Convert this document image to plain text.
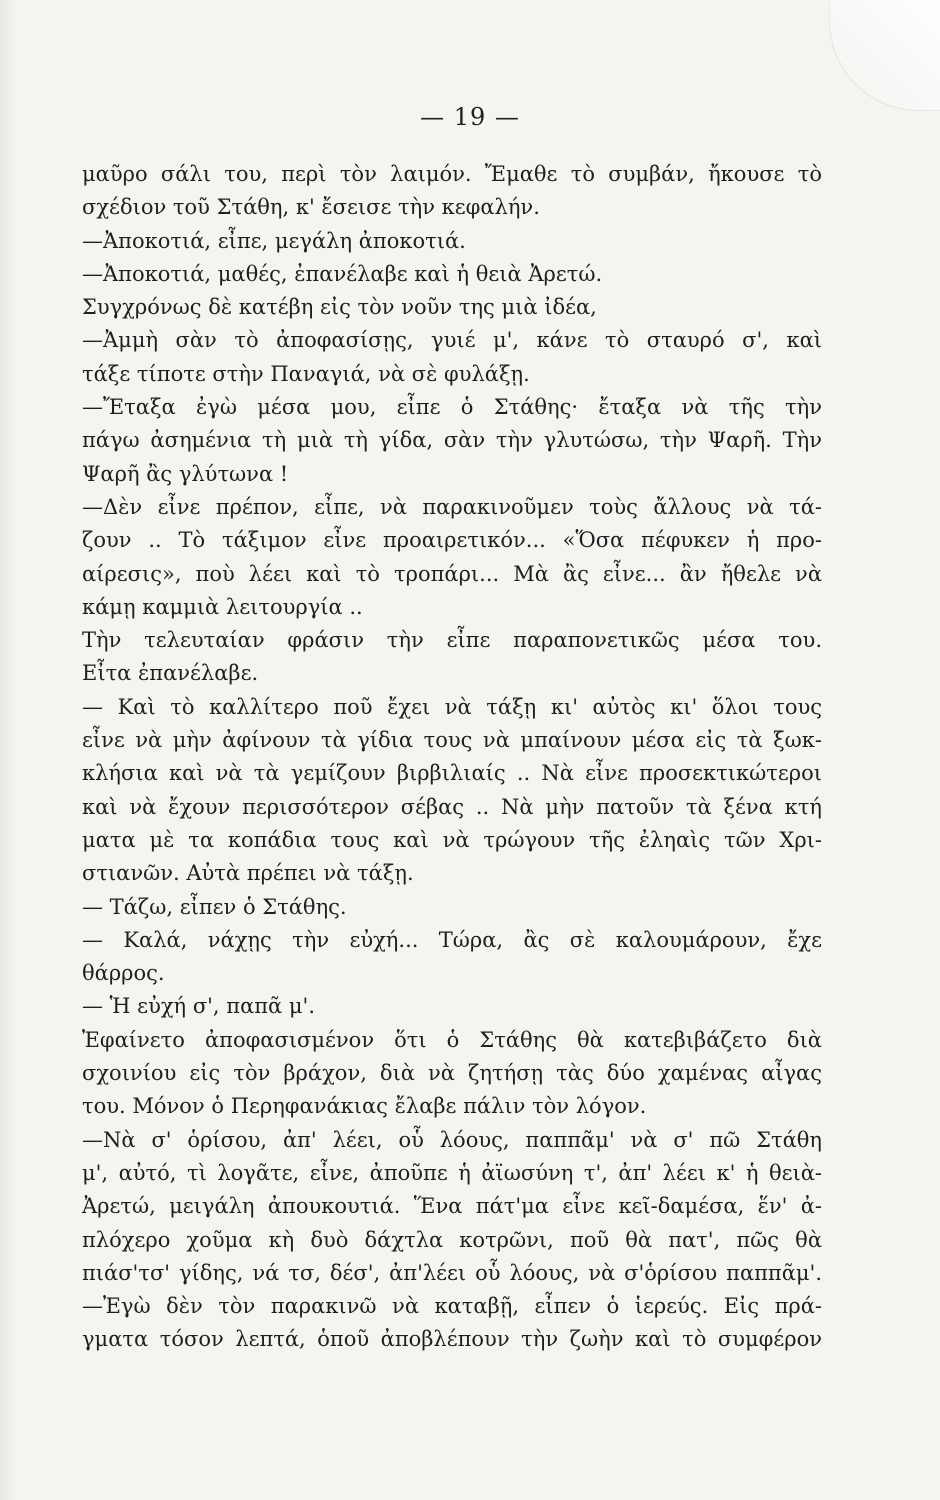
— 19 —
μαῦρο σάλι του, περὶ τὸν λαιμόν. Ἔμαθε τὸ συμβάν, ἤκουσε τὸ
σχέδιον τοῦ Στάθη, κ' ἔσεισε τὴν κεφαλήν.
—Ἀποκοτιά, εἶπε, μεγάλη ἀποκοτιά.
—Ἀποκοτιά, μαθές, ἐπανέλαβε καὶ ἡ θειὰ Ἀρετώ.
Συγχρόνως δὲ κατέβη εἰς τὸν νοῦν της μιὰ ἰδέα,
—Ἀμμὴ σὰν τὸ ἀποφασίσῃς, γυιέ μ', κάνε τὸ σταυρό σ', καὶ
τάξε τίποτε στὴν Παναγιά, νὰ σὲ φυλάξῃ.
—Ἔταξα ἐγὼ μέσα μου, εἶπε ὁ Στάθης· ἔταξα νὰ τῆς τὴν
πάγω ἀσημένια τὴ μιὰ τὴ γίδα, σὰν τὴν γλυτώσω, τὴν Ψαρῆ. Τὴν
Ψαρῆ ἂς γλύτωνα !
—Δὲν εἶνε πρέπον, εἶπε, νὰ παρακινοῦμεν τοὺς ἄλλους νὰ τά-
ζουν .. Τὸ τάξιμον εἶνε προαιρετικόν... «Ὅσα πέφυκεν ἡ προ-
αίρεσις», ποὺ λέει καὶ τὸ τροπάρι... Μὰ ἂς εἶνε... ἂν ἤθελε νὰ
κάμῃ καμμιὰ λειτουργία ..
Τὴν τελευταίαν φράσιν τὴν εἶπε παραπονετικῶς μέσα του.
Εἶτα ἐπανέλαβε.
— Καὶ τὸ καλλίτερο ποῦ ἔχει νὰ τάξῃ κι' αὐτὸς κι' ὅλοι τους
εἶνε νὰ μὴν ἀφίνουν τὰ γίδια τους νὰ μπαίνουν μέσα εἰς τὰ ξωκ-
κλήσια καὶ νὰ τὰ γεμίζουν βιρβιλιαίς .. Νὰ εἶνε προσεκτικώτεροι
καὶ νὰ ἔχουν περισσότερον σέβας .. Νὰ μὴν πατοῦν τὰ ξένα κτή
ματα μὲ τα κοπάδια τους καὶ νὰ τρώγουν τῆς ἐληαὶς τῶν Χρι-
στιανῶν. Αὐτὰ πρέπει νὰ τάξῃ.
— Τάζω, εἶπεν ὁ Στάθης.
— Καλά, νάχῃς τὴν εὐχή... Τώρα, ἂς σὲ καλουμάρουν, ἔχε
θάρρος.
— Ἡ εὐχή σ', παπᾶ μ'.
Ἐφαίνετο ἀποφασισμένον ὅτι ὁ Στάθης θὰ κατεβιβάζετο διὰ
σχοινίου εἰς τὸν βράχον, διὰ νὰ ζητήσῃ τὰς δύο χαμένας αἶγας
του. Μόνον ὁ Περηφανάκιας ἔλαβε πάλιν τὸν λόγον.
—Νὰ σ' ὁρίσου, ἀπ' λέει, οὗ λόους, παππᾶμ' νὰ σ' πῶ Στάθη
μ', αὐτό, τὶ λογᾶτε, εἶνε, ἀποῦπε ἡ ἀϊωσύνη τ', ἀπ' λέει κ' ἡ θειὰ-
Ἀρετώ, μειγάλη ἀπουκουτιά. Ἕνα πάτ'μα εἶνε κεῖ-δαμέσα, ἕν' ἀ-
πλόχερο χοῦμα κὴ δυὸ δάχτλα κοτρῶνι, ποῦ θὰ πατ', πῶς θὰ
πιάσ'τσ' γίδης, νά τσ, δέσ', ἀπ'λέει οὗ λόους, νὰ σ'ὁρίσου παππᾶμ'.
—Ἐγὼ δὲν τὸν παρακινῶ νὰ καταβῇ, εἶπεν ὁ ἱερεύς. Εἰς πρά-
γματα τόσον λεπτά, ὁποῦ ἀποβλέπουν τὴν ζωὴν καὶ τὸ συμφέρον
